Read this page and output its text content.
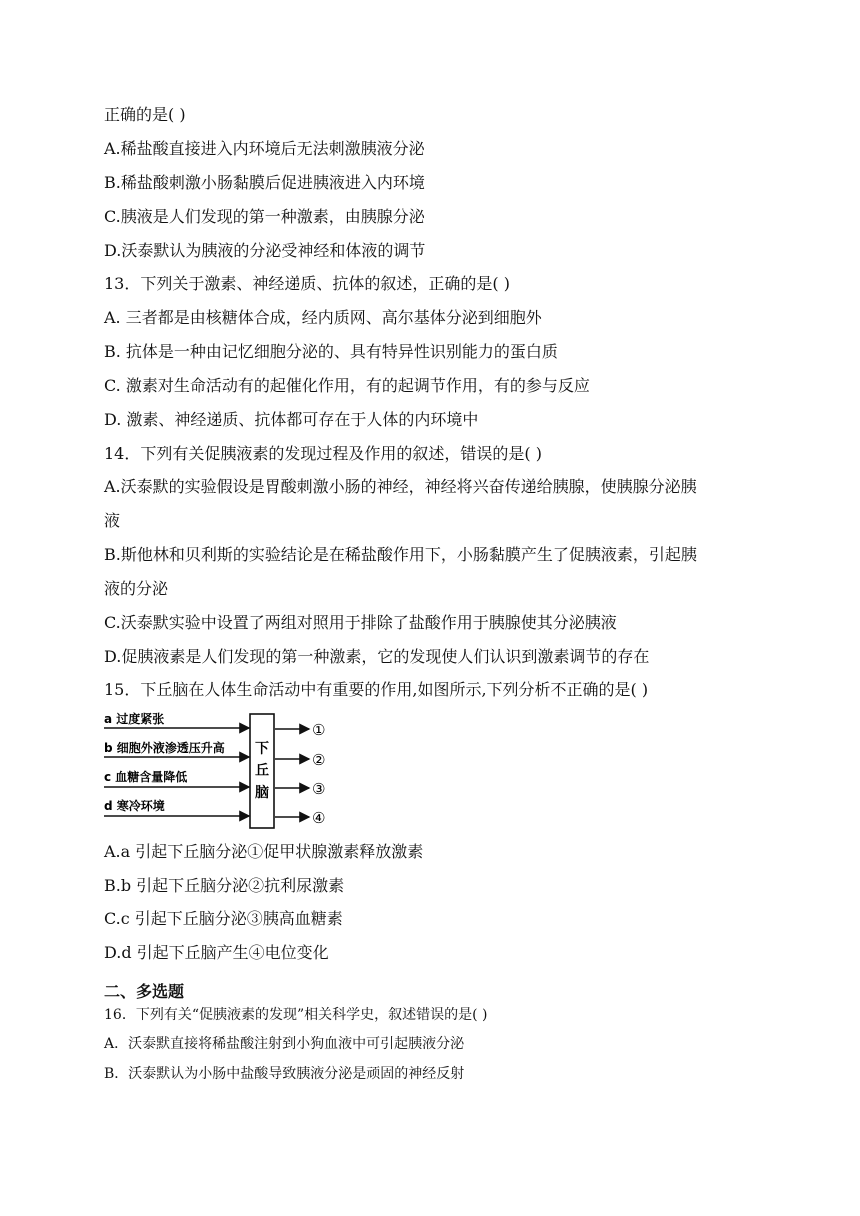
正确的是( )
A.稀盐酸直接进入内环境后无法刺激胰液分泌
B.稀盐酸刺激小肠黏膜后促进胰液进入内环境
C.胰液是人们发现的第一种激素，由胰腺分泌
D.沃泰默认为胰液的分泌受神经和体液的调节
13．下列关于激素、神经递质、抗体的叙述，正确的是( )
A. 三者都是由核糖体合成，经内质网、高尔基体分泌到细胞外
B. 抗体是一种由记忆细胞分泌的、具有特异性识别能力的蛋白质
C. 激素对生命活动有的起催化作用，有的起调节作用，有的参与反应
D. 激素、神经递质、抗体都可存在于人体的内环境中
14．下列有关促胰液素的发现过程及作用的叙述，错误的是( )
A.沃泰默的实验假设是胃酸刺激小肠的神经，神经将兴奋传递给胰腺，使胰腺分泌胰
液
B.斯他林和贝利斯的实验结论是在稀盐酸作用下，小肠黏膜产生了促胰液素，引起胰
液的分泌
C.沃泰默实验中设置了两组对照用于排除了盐酸作用于胰腺使其分泌胰液
D.促胰液素是人们发现的第一种激素，它的发现使人们认识到激素调节的存在
15．下丘脑在人体生命活动中有重要的作用,如图所示,下列分析不正确的是( )
下
丘
脑
a 过度紧张
b 细胞外液渗透压升高
c 血糖含量降低
d 寒冷环境
①
②
③
④
A.a 引起下丘脑分泌①促甲状腺激素释放激素
B.b 引起下丘脑分泌②抗利尿激素
C.c 引起下丘脑分泌③胰高血糖素
D.d 引起下丘脑产生④电位变化
二、多选题
16．下列有关“促胰液素的发现”相关科学史，叙述错误的是( )
A．沃泰默直接将稀盐酸注射到小狗血液中可引起胰液分泌
B．沃泰默认为小肠中盐酸导致胰液分泌是顽固的神经反射
